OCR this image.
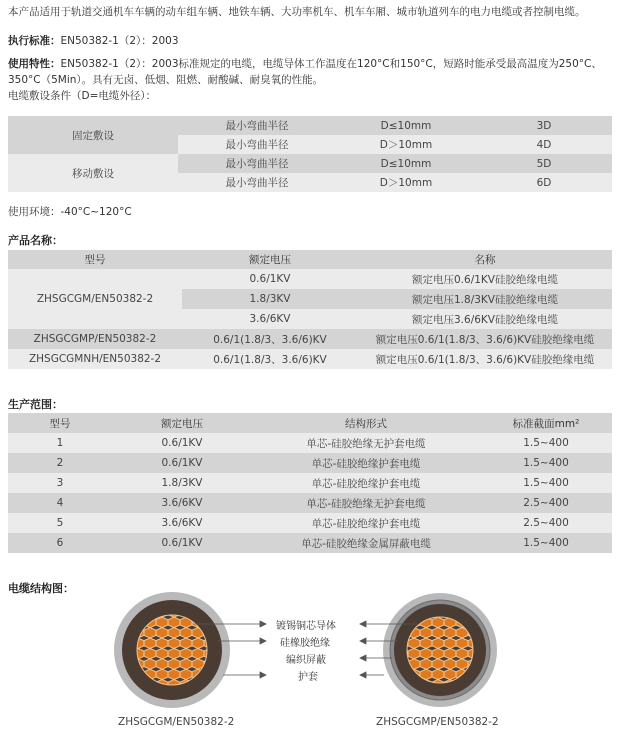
本产品适用于轨道交通机车车辆的动车组车辆、地铁车辆、大功率机车、机车车厢、城市轨道列车的电力电缆或者控制电缆。
执行标准：EN50382-1（2）：2003
使用特性：EN50382-1（2）：2003标准规定的电缆，电缆导体工作温度在120°C和150°C，短路时能承受最高温度为250°C、
350°C（5Min）。具有无卤、低烟、阻燃、耐酸碱、耐臭氧的性能。
电缆敷设条件（D=电缆外径）：
固定敷设	最小弯曲半径	D≤10mm	3D
	最小弯曲半径	D＞10mm	4D
移动敷设	最小弯曲半径	D≤10mm	5D
	最小弯曲半径	D＞10mm	6D
使用环境：-40°C~120°C
产品名称：
型号	额定电压	名称
ZHSGCGM/EN50382-2	0.6/1KV	额定电压0.6/1KV硅胶绝缘电缆
	1.8/3KV	额定电压1.8/3KV硅胶绝缘电缆
	3.6/6KV	额定电压3.6/6KV硅胶绝缘电缆
ZHSGCGMP/EN50382-2	0.6/1(1.8/3、3.6/6)KV	额定电压0.6/1(1.8/3、3.6/6)KV硅胶绝缘电缆
ZHSGCGMNH/EN50382-2	0.6/1(1.8/3、3.6/6)KV	额定电压0.6/1(1.8/3、3.6/6)KV硅胶绝缘电缆
生产范围：
型号	额定电压	结构形式	标准截面mm²
1	0.6/1KV	单芯-硅胶绝缘无护套电缆	1.5~400
2	0.6/1KV	单芯-硅胶绝缘护套电缆	1.5~400
3	1.8/3KV	单芯-硅胶绝缘护套电缆	1.5~400
4	3.6/6KV	单芯-硅胶绝缘无护套电缆	2.5~400
5	3.6/6KV	单芯-硅胶绝缘护套电缆	2.5~400
6	0.6/1KV	单芯-硅胶绝缘金属屏蔽电缆	1.5~400
电缆结构图：
镀锡铜芯导体
硅橡胶绝缘
编织屏蔽
护套
ZHSGCGM/EN50382-2	ZHSGCGMP/EN50382-2
